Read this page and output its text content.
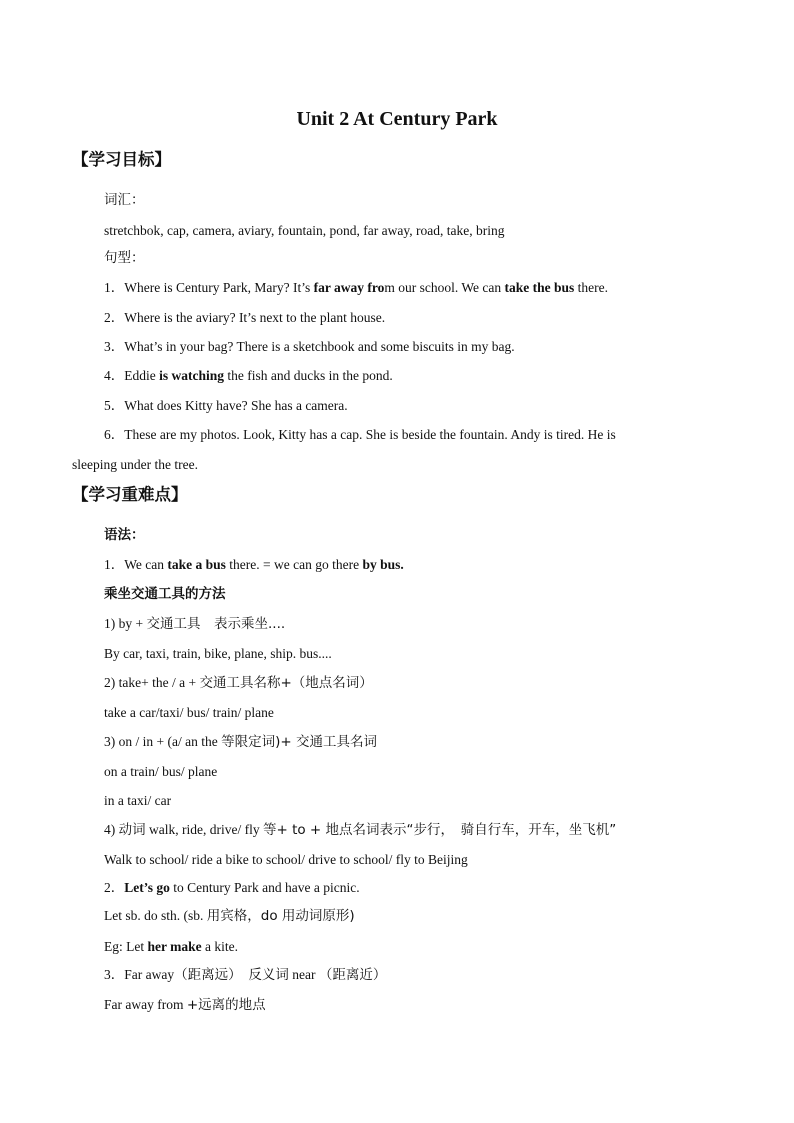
Unit 2 At Century Park
【学习目标】
词汇：
stretchbok, cap, camera, aviary, fountain, pond, far away, road, take, bring
句型：
1．Where is Century Park, Mary? It’s far away from our school. We can take the bus there.
2．Where is the aviary? It’s next to the plant house.
3．What’s in your bag? There is a sketchbook and some biscuits in my bag.
4．Eddie is watching the fish and ducks in the pond.
5．What does Kitty have? She has a camera.
6．These are my photos. Look, Kitty has a cap. She is beside the fountain. Andy is tired. He is
sleeping under the tree.
【学习重难点】
语法：
1．We can take a bus there. = we can go there by bus.
乘坐交通工具的方法
1) by + 交通工具　表示乘坐....
By car, taxi, train, bike, plane, ship. bus....
2) take+ the / a + 交通工具名称+（地点名词）
take a car/taxi/ bus/ train/ plane
3) on / in + (a/ an the 等限定词)+ 交通工具名词
on a train/ bus/ plane
in a taxi/ car
4) 动词 walk, ride, drive/ fly 等+ to + 地点名词表示“步行，　骑自行车，开车，坐飞机”
Walk to school/ ride a bike to school/ drive to school/ fly to Beijing
2．Let’s go to Century Park and have a picnic.
Let sb. do sth. (sb. 用宾格，do 用动词原形)
Eg: Let her make a kite.
3．Far away（距离远）　反义词 near （距离近）
Far away from +远离的地点
